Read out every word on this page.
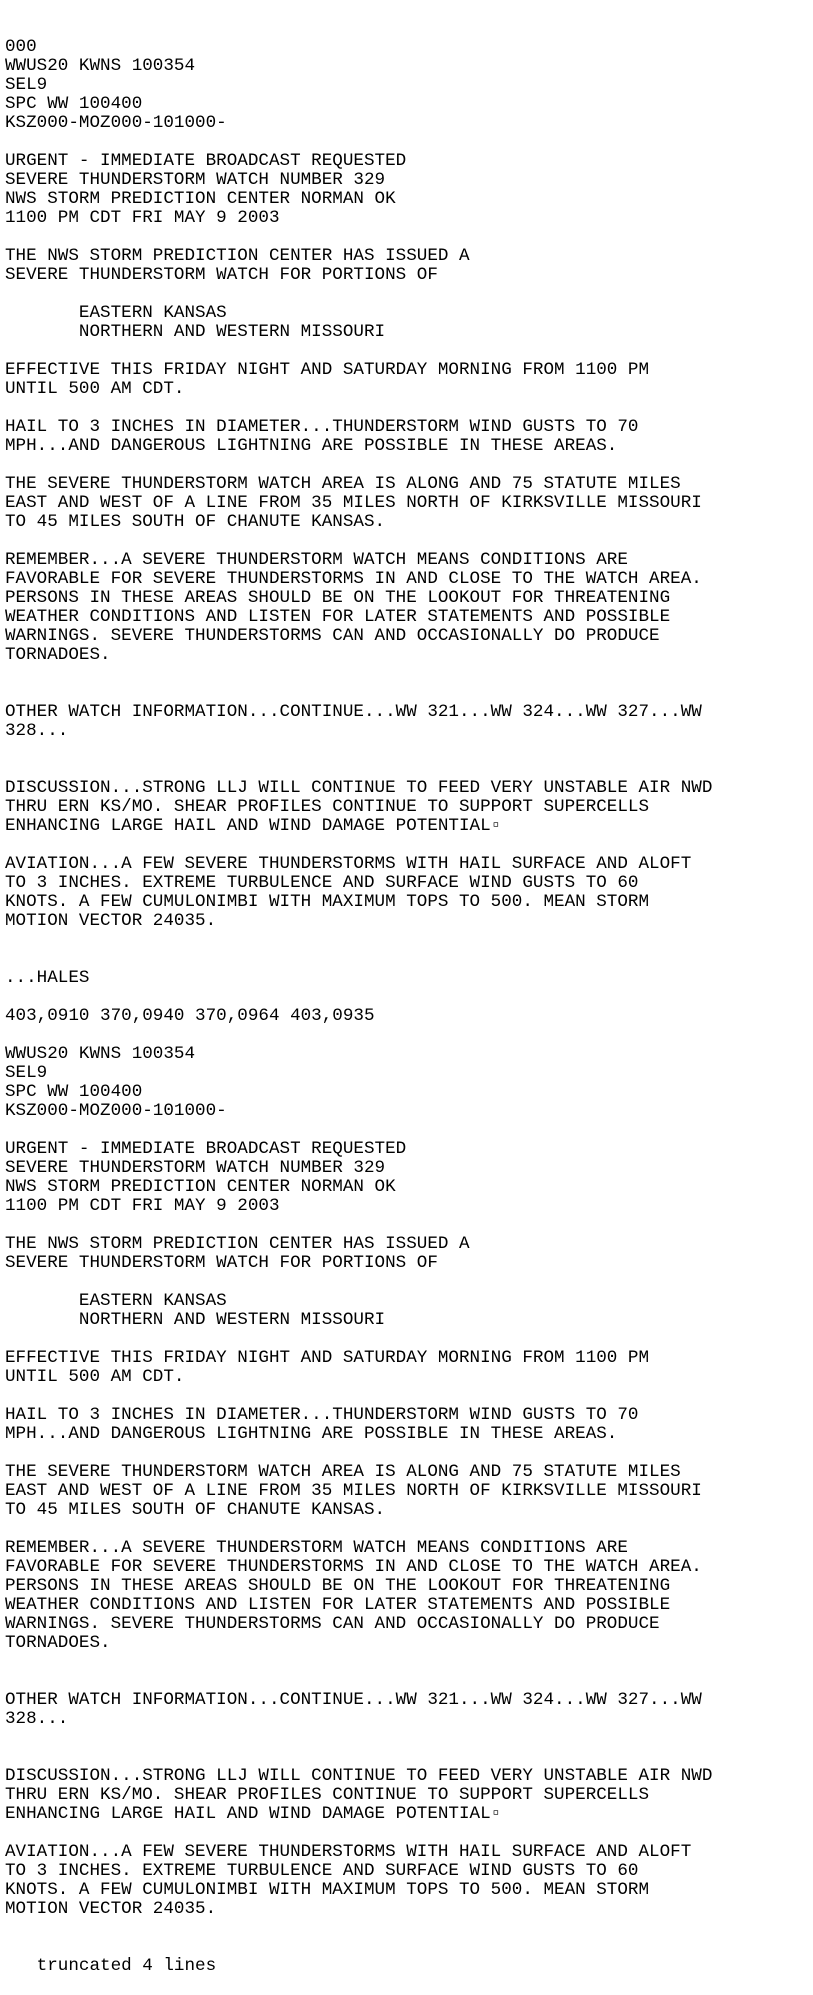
000
WWUS20 KWNS 100354
SEL9
SPC WW 100400
KSZ000-MOZ000-101000-
URGENT - IMMEDIATE BROADCAST REQUESTED
SEVERE THUNDERSTORM WATCH NUMBER 329
NWS STORM PREDICTION CENTER NORMAN OK
1100 PM CDT FRI MAY 9 2003
THE NWS STORM PREDICTION CENTER HAS ISSUED A
SEVERE THUNDERSTORM WATCH FOR PORTIONS OF
EASTERN KANSAS
NORTHERN AND WESTERN MISSOURI
EFFECTIVE THIS FRIDAY NIGHT AND SATURDAY MORNING FROM 1100 PM
UNTIL 500 AM CDT.
HAIL TO 3 INCHES IN DIAMETER...THUNDERSTORM WIND GUSTS TO 70
MPH...AND DANGEROUS LIGHTNING ARE POSSIBLE IN THESE AREAS.
THE SEVERE THUNDERSTORM WATCH AREA IS ALONG AND 75 STATUTE MILES
EAST AND WEST OF A LINE FROM 35 MILES NORTH OF KIRKSVILLE MISSOURI
TO 45 MILES SOUTH OF CHANUTE KANSAS.
REMEMBER...A SEVERE THUNDERSTORM WATCH MEANS CONDITIONS ARE
FAVORABLE FOR SEVERE THUNDERSTORMS IN AND CLOSE TO THE WATCH AREA.
PERSONS IN THESE AREAS SHOULD BE ON THE LOOKOUT FOR THREATENING
WEATHER CONDITIONS AND LISTEN FOR LATER STATEMENTS AND POSSIBLE
WARNINGS. SEVERE THUNDERSTORMS CAN AND OCCASIONALLY DO PRODUCE
TORNADOES.
OTHER WATCH INFORMATION...CONTINUE...WW 321...WW 324...WW 327...WW
328...
DISCUSSION...STRONG LLJ WILL CONTINUE TO FEED VERY UNSTABLE AIR NWD
THRU ERN KS/MO. SHEAR PROFILES CONTINUE TO SUPPORT SUPERCELLS
ENHANCING LARGE HAIL AND WIND DAMAGE POTENTIAL▫
AVIATION...A FEW SEVERE THUNDERSTORMS WITH HAIL SURFACE AND ALOFT
TO 3 INCHES. EXTREME TURBULENCE AND SURFACE WIND GUSTS TO 60
KNOTS. A FEW CUMULONIMBI WITH MAXIMUM TOPS TO 500. MEAN STORM
MOTION VECTOR 24035.
...HALES
403,0910 370,0940 370,0964 403,0935
WWUS20 KWNS 100354
SEL9
SPC WW 100400
KSZ000-MOZ000-101000-
URGENT - IMMEDIATE BROADCAST REQUESTED
SEVERE THUNDERSTORM WATCH NUMBER 329
NWS STORM PREDICTION CENTER NORMAN OK
1100 PM CDT FRI MAY 9 2003
THE NWS STORM PREDICTION CENTER HAS ISSUED A
SEVERE THUNDERSTORM WATCH FOR PORTIONS OF
EASTERN KANSAS
NORTHERN AND WESTERN MISSOURI
EFFECTIVE THIS FRIDAY NIGHT AND SATURDAY MORNING FROM 1100 PM
UNTIL 500 AM CDT.
HAIL TO 3 INCHES IN DIAMETER...THUNDERSTORM WIND GUSTS TO 70
MPH...AND DANGEROUS LIGHTNING ARE POSSIBLE IN THESE AREAS.
THE SEVERE THUNDERSTORM WATCH AREA IS ALONG AND 75 STATUTE MILES
EAST AND WEST OF A LINE FROM 35 MILES NORTH OF KIRKSVILLE MISSOURI
TO 45 MILES SOUTH OF CHANUTE KANSAS.
REMEMBER...A SEVERE THUNDERSTORM WATCH MEANS CONDITIONS ARE
FAVORABLE FOR SEVERE THUNDERSTORMS IN AND CLOSE TO THE WATCH AREA.
PERSONS IN THESE AREAS SHOULD BE ON THE LOOKOUT FOR THREATENING
WEATHER CONDITIONS AND LISTEN FOR LATER STATEMENTS AND POSSIBLE
WARNINGS. SEVERE THUNDERSTORMS CAN AND OCCASIONALLY DO PRODUCE
TORNADOES.
OTHER WATCH INFORMATION...CONTINUE...WW 321...WW 324...WW 327...WW
328...
DISCUSSION...STRONG LLJ WILL CONTINUE TO FEED VERY UNSTABLE AIR NWD
THRU ERN KS/MO. SHEAR PROFILES CONTINUE TO SUPPORT SUPERCELLS
ENHANCING LARGE HAIL AND WIND DAMAGE POTENTIAL▫
AVIATION...A FEW SEVERE THUNDERSTORMS WITH HAIL SURFACE AND ALOFT
TO 3 INCHES. EXTREME TURBULENCE AND SURFACE WIND GUSTS TO 60
KNOTS. A FEW CUMULONIMBI WITH MAXIMUM TOPS TO 500. MEAN STORM
MOTION VECTOR 24035.

truncated 4 lines
